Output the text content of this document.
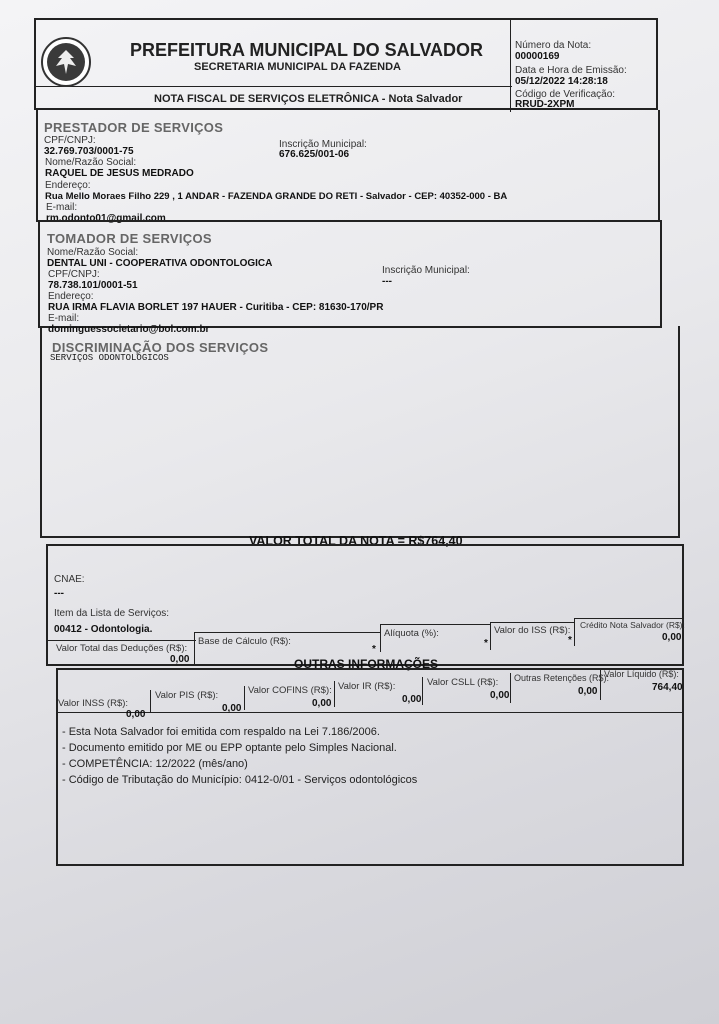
PREFEITURA MUNICIPAL DO SALVADOR
SECRETARIA MUNICIPAL DA FAZENDA
NOTA FISCAL DE SERVIÇOS ELETRÔNICA - Nota Salvador
Número da Nota:
00000169
Data e Hora de Emissão:
05/12/2022 14:28:18
Código de Verificação:
RRUD-2XPM
PRESTADOR DE SERVIÇOS
CPF/CNPJ:
32.769.703/0001-75
Inscrição Municipal:
676.625/001-06
Nome/Razão Social:
RAQUEL DE JESUS MEDRADO
Endereço:
Rua Mello Moraes Filho 229 , 1 ANDAR - FAZENDA GRANDE DO RETI - Salvador - CEP: 40352-000 - BA
E-mail:
rm.odonto01@gmail.com
TOMADOR DE SERVIÇOS
Nome/Razão Social:
DENTAL UNI - COOPERATIVA ODONTOLOGICA
CPF/CNPJ:
78.738.101/0001-51
Inscrição Municipal:
---
Endereço:
RUA IRMA FLAVIA BORLET 197 HAUER - Curitiba - CEP: 81630-170/PR
E-mail:
dominguessocietario@bol.com.br
DISCRIMINAÇÃO DOS SERVIÇOS
SERVIÇOS ODONTOLÓGICOS
VALOR TOTAL DA NOTA = R$764,40
CNAE:
---
Item da Lista de Serviços:
00412 - Odontologia.
Valor Total das Deduções (R$):
0,00
Base de Cálculo (R$):
*
Alíquota (%):
*
Valor do ISS (R$):
*
Crédito Nota Salvador (R$):
0,00
OUTRAS INFORMAÇÕES
Valor INSS (R$):
0,00
Valor PIS (R$):
0,00
Valor COFINS (R$):
0,00
Valor IR (R$):
0,00
Valor CSLL (R$):
0,00
Outras Retenções (R$):
0,00
Valor Líquido (R$):
764,40
- Esta Nota Salvador foi emitida com respaldo na Lei 7.186/2006.
- Documento emitido por ME ou EPP optante pelo Simples Nacional.
- COMPETÊNCIA: 12/2022 (mês/ano)
- Código de Tributação do Município: 0412-0/01 - Serviços odontológicos
